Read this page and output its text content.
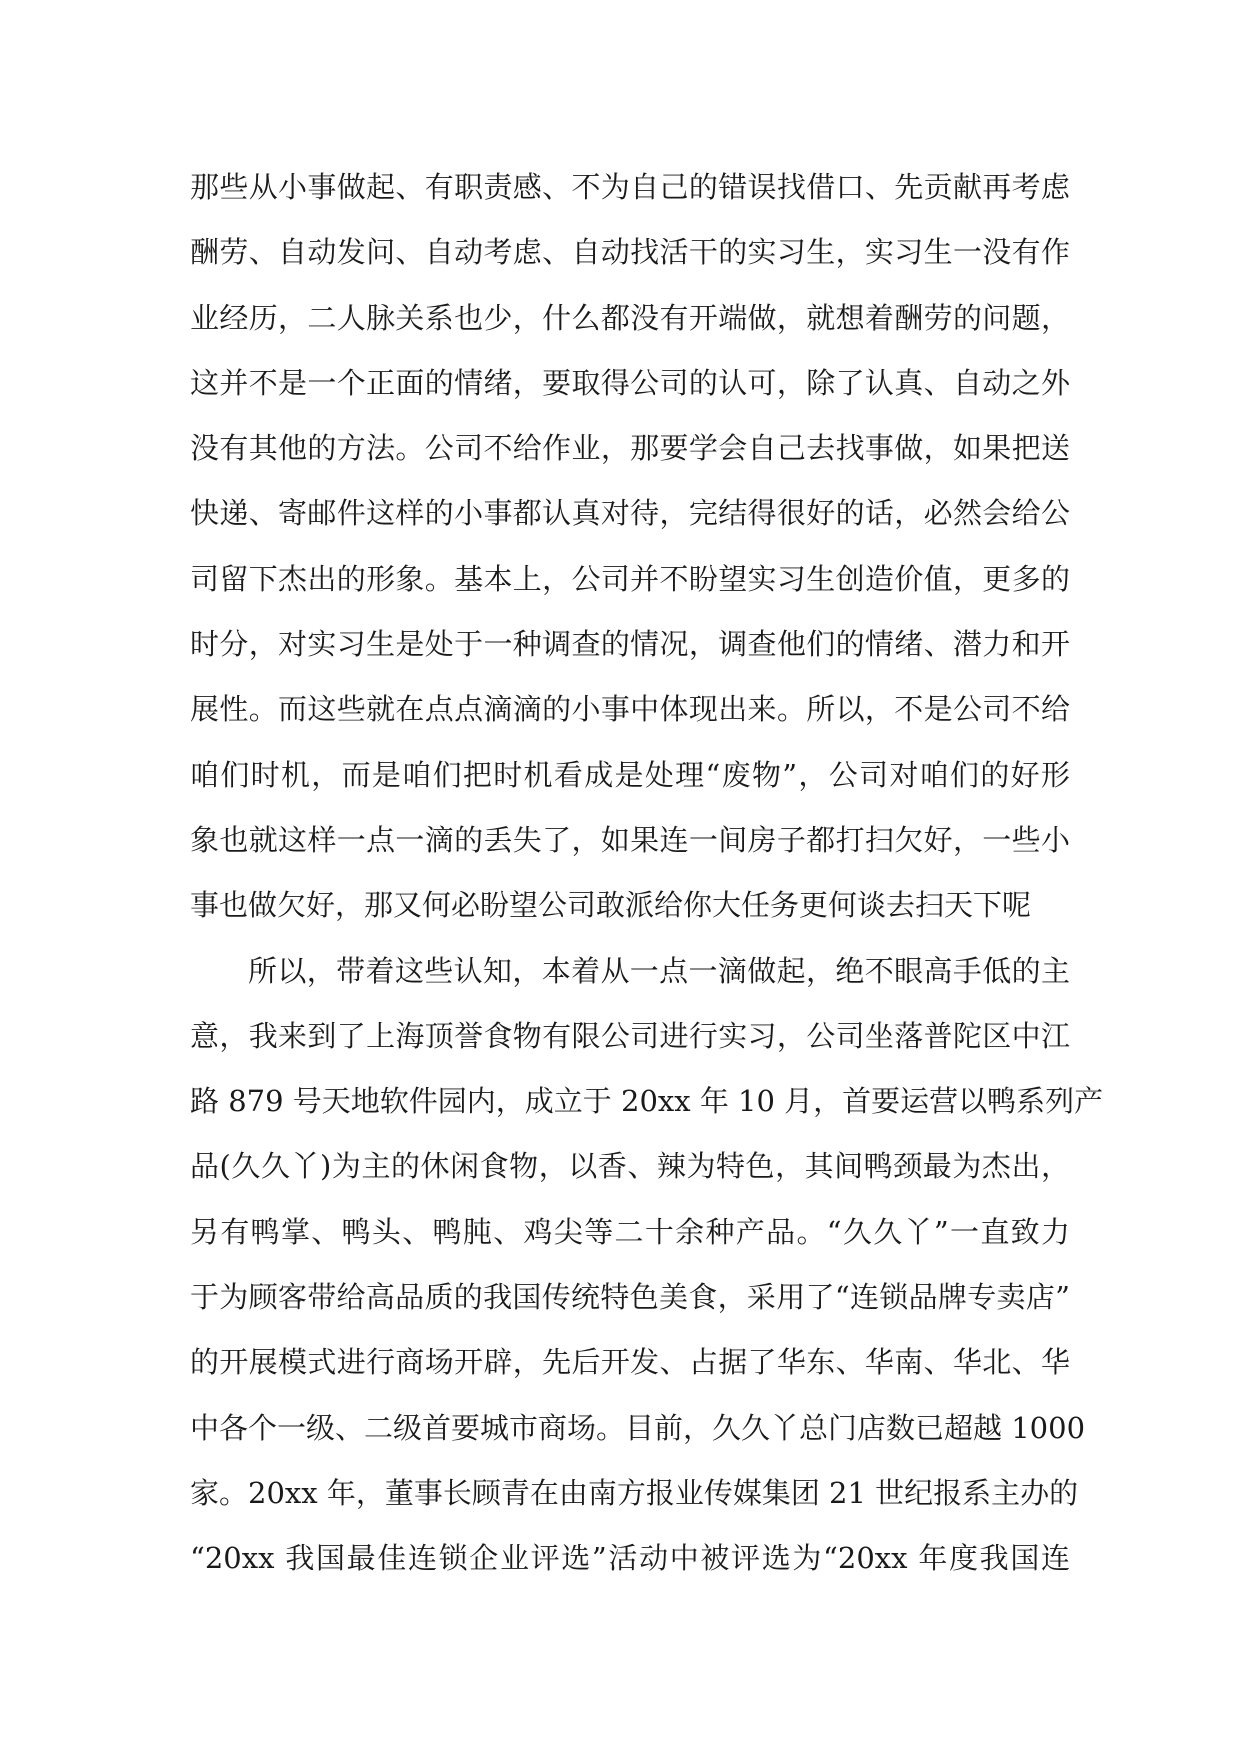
那些从小事做起、有职责感、不为自己的错误找借口、先贡献再考虑
酬劳、自动发问、自动考虑、自动找活干的实习生，实习生一没有作
业经历，二人脉关系也少，什么都没有开端做，就想着酬劳的问题，
这并不是一个正面的情绪，要取得公司的认可，除了认真、自动之外
没有其他的方法。公司不给作业，那要学会自己去找事做，如果把送
快递、寄邮件这样的小事都认真对待，完结得很好的话，必然会给公
司留下杰出的形象。基本上，公司并不盼望实习生创造价值，更多的
时分，对实习生是处于一种调查的情况，调查他们的情绪、潜力和开
展性。而这些就在点点滴滴的小事中体现出来。所以，不是公司不给
咱们时机，而是咱们把时机看成是处理“废物”，公司对咱们的好形
象也就这样一点一滴的丢失了，如果连一间房子都打扫欠好，一些小
事也做欠好，那又何必盼望公司敢派给你大任务更何谈去扫天下呢
所以，带着这些认知，本着从一点一滴做起，绝不眼高手低的主
意，我来到了上海顶誉食物有限公司进行实习，公司坐落普陀区中江
路 879 号天地软件园内，成立于 20xx 年 10 月，首要运营以鸭系列产
品(久久丫)为主的休闲食物，以香、辣为特色，其间鸭颈最为杰出，
另有鸭掌、鸭头、鸭肫、鸡尖等二十余种产品。“久久丫”一直致力
于为顾客带给高品质的我国传统特色美食，采用了“连锁品牌专卖店”
的开展模式进行商场开辟，先后开发、占据了华东、华南、华北、华
中各个一级、二级首要城市商场。目前，久久丫总门店数已超越 1000
家。20xx 年，董事长顾青在由南方报业传媒集团 21 世纪报系主办的
“20xx 我国最佳连锁企业评选”活动中被评选为“20xx 年度我国连
